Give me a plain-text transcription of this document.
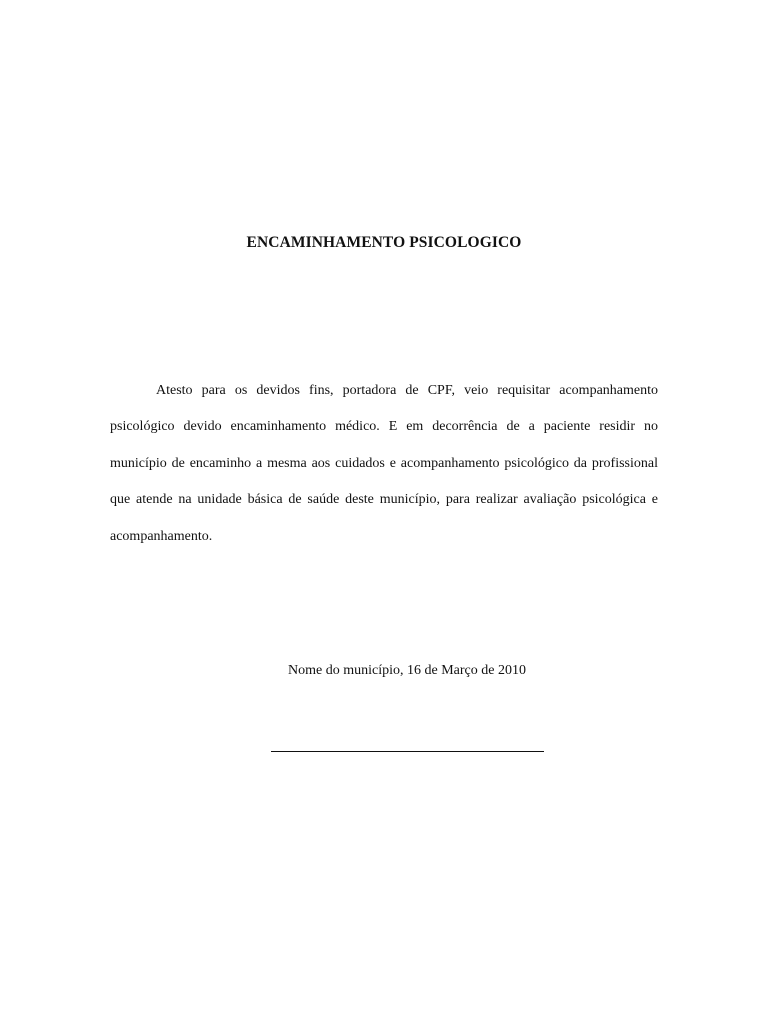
ENCAMINHAMENTO PSICOLOGICO

Atesto para os devidos fins, portadora de CPF, veio requisitar acompanhamento psicológico devido encaminhamento médico. E em decorrência de a paciente residir no município de encaminho a mesma aos cuidados e acompanhamento psicológico da profissional que atende na unidade básica de saúde deste município, para realizar avaliação psicológica e acompanhamento.

Nome do município, 16 de Março de 2010
